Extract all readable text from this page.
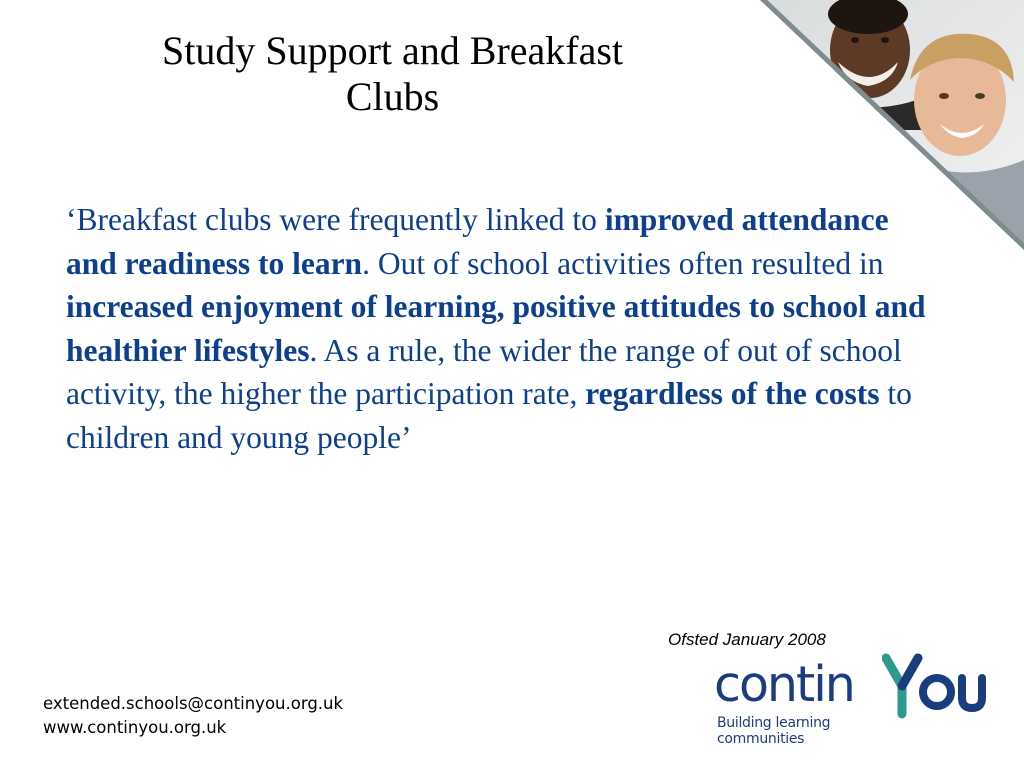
Study Support and Breakfast
Clubs
‘Breakfast clubs were frequently linked to improved attendance and readiness to learn. Out of school activities often resulted in increased enjoyment of learning, positive attitudes to school and healthier lifestyles. As a rule, the wider the range of out of school activity, the higher the participation rate, regardless of the costs to children and young people’
Ofsted January 2008
extended.schools@continyou.org.uk
www.continyou.org.uk
contin
Building learning
communities
